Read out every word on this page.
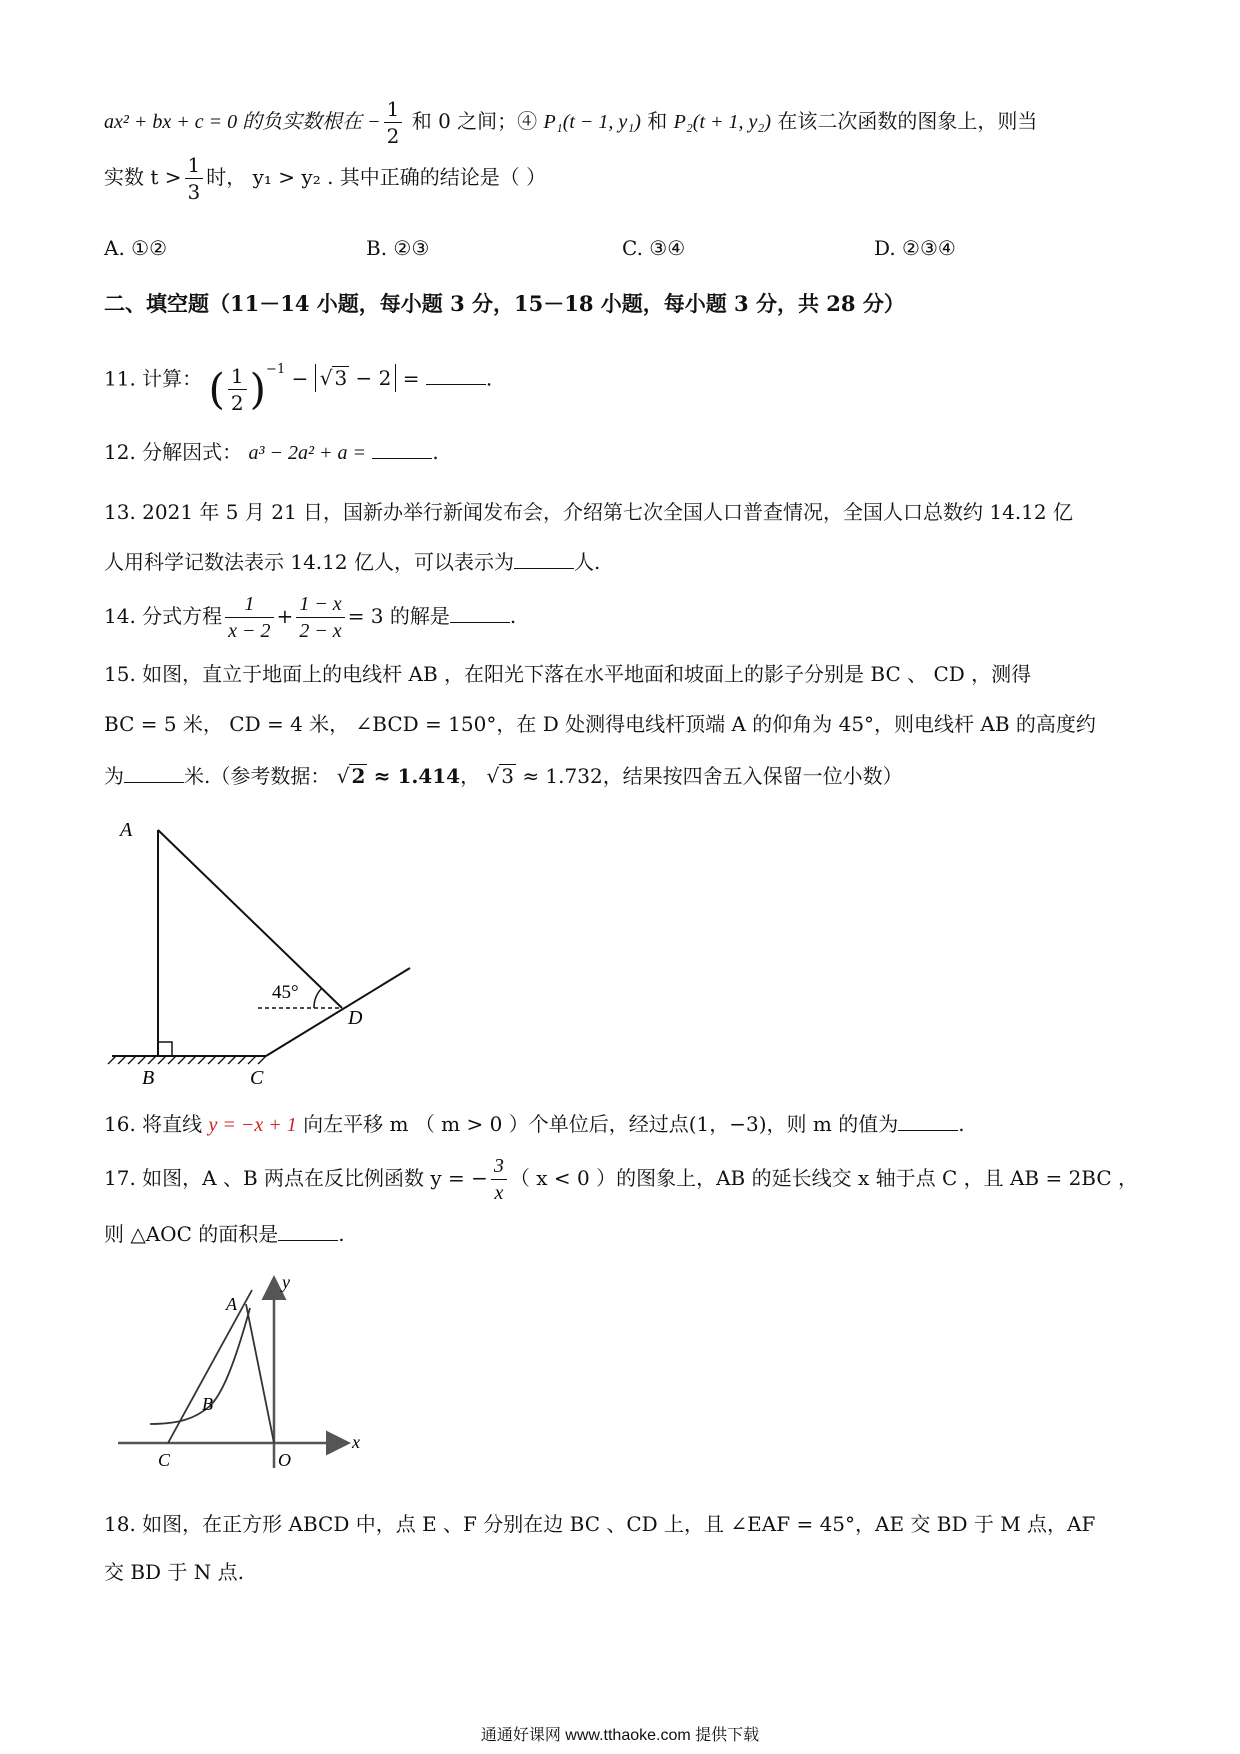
ax² + bx + c = 0 的负实数根在 − $\frac{1}{2}$ 和 0 之间；④ P₁(t − 1, y₁) 和 P₂(t + 1, y₂) 在该二次函数的图象上，则当
实数 $t > \frac{1}{3}$ 时， y₁ > y₂ . 其中正确的结论是（ ）
A. ①②	B. ②③	C. ③④	D. ②③④
二、填空题（11－14 小题，每小题 3 分，15－18 小题，每小题 3 分，共 28 分）
11. 计算： ( $\frac{1}{2} )^{-1}$ − √ 3 − 2 =	.
12. 分解因式： a³ − 2a² + a =	.
13. 2021 年 5 月 21 日，国新办举行新闻发布会，介绍第七次全国人口普查情况，全国人口总数约 14.12 亿
人用科学记数法表示 14.12 亿人，可以表示为	人.
14. 分式方程 $\frac{1}{x - 2} + \frac{1 - x}{2 - x} = 3$ 的解是	.
15. 如图，直立于地面上的电线杆 AB ，在阳光下落在水平地面和坡面上的影子分别是 BC 、 CD ，测得
BC = 5 米， CD = 4 米， ∠BCD = 150°，在 D 处测得电线杆顶端 A 的仰角为 45°，则电线杆 AB 的高度约
为	米.（参考数据： √ 2 ≈ 1.414， √ 3 ≈ 1.732，结果按四舍五入保留一位小数）
A
B	C
D
45°
16. 将直线 y = −x + 1 向左平移 m （ m > 0 ）个单位后，经过点(1，−3)，则 m 的值为	.
17. 如图，A 、B 两点在反比例函数 y = − $\frac{3}{x}$ （ x < 0 ）的图象上，AB 的延长线交 x 轴于点 C ，且 AB = 2BC ，
则 △AOC 的面积是	.
y
x
A
B
C	O
18. 如图，在正方形 ABCD 中，点 E 、F 分别在边 BC 、CD 上，且 ∠EAF = 45°，AE 交 BD 于 M 点，AF
交 BD 于 N 点.
通通好课网 www.tthaoke.com 提供下载
